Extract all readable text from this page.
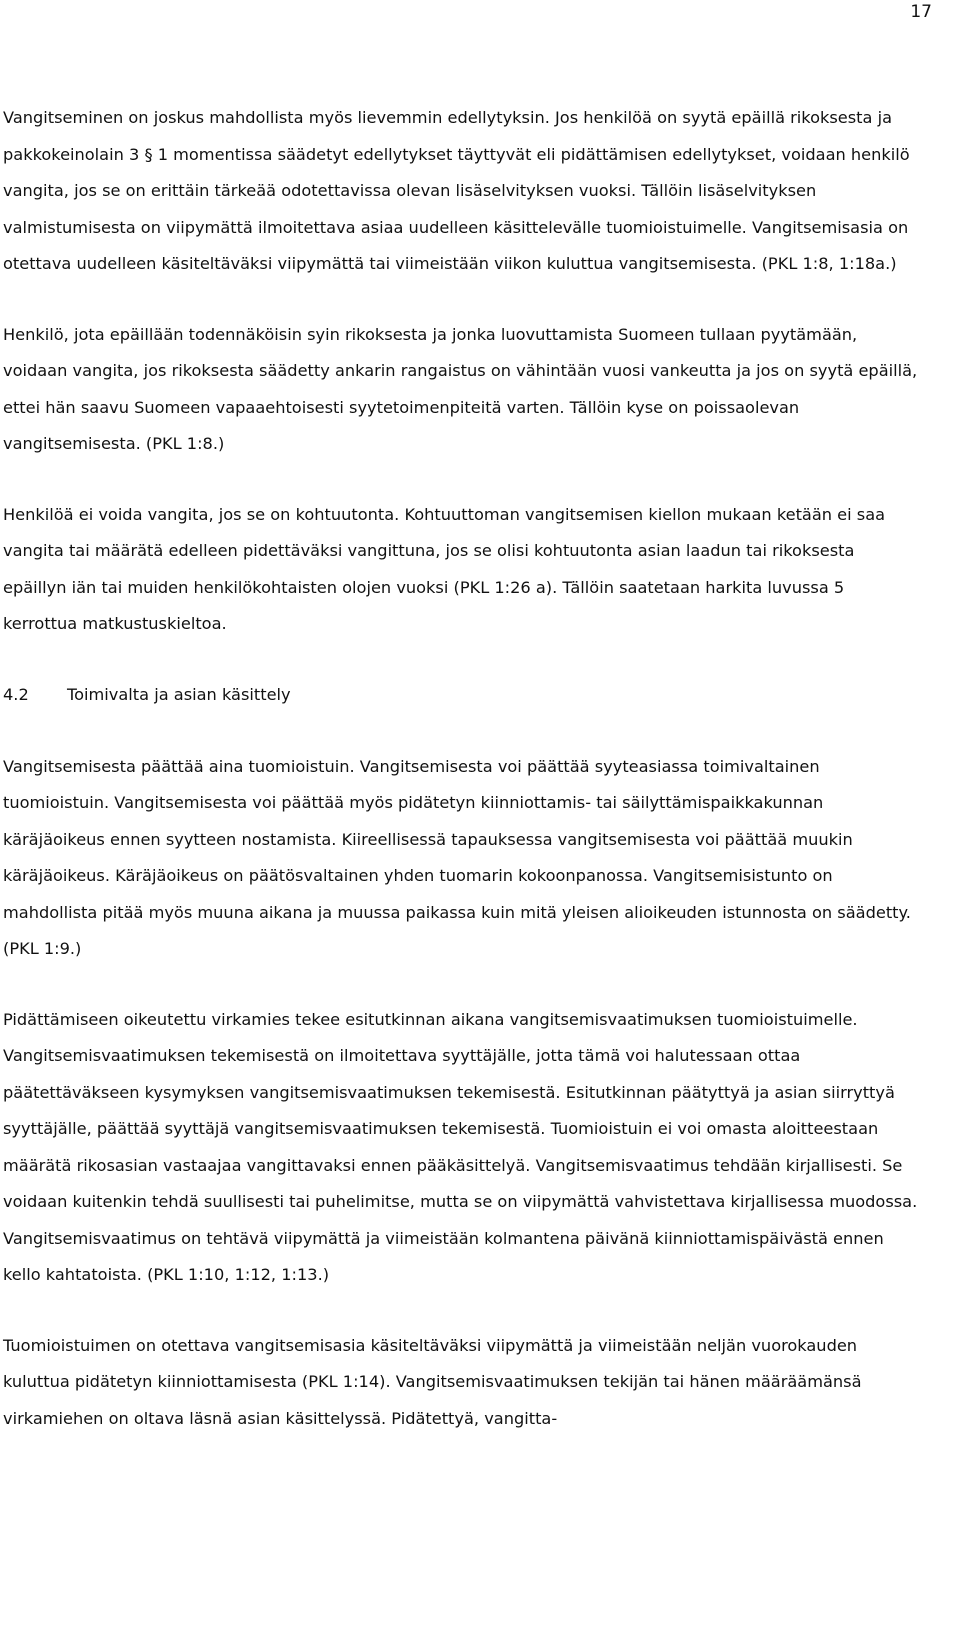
17

Vangitseminen on joskus mahdollista myös lievemmin edellytyksin. Jos henkilöä on syytä epäillä rikoksesta ja pakkokeinolain 3 § 1 momentissa säädetyt edellytykset täyttyvät eli pidättämisen edellytykset, voidaan henkilö vangita, jos se on erittäin tärkeää odotettavissa olevan lisäselvityksen vuoksi. Tällöin lisäselvityksen valmistumisesta on viipymättä ilmoitettava asiaa uudelleen käsittelevälle tuomioistuimelle. Vangitsemisasia on otettava uudelleen käsiteltäväksi viipymättä tai viimeistään viikon kuluttua vangitsemisesta. (PKL 1:8, 1:18a.)

Henkilö, jota epäillään todennäköisin syin rikoksesta ja jonka luovuttamista Suomeen tullaan pyytämään, voidaan vangita, jos rikoksesta säädetty ankarin rangaistus on vähintään vuosi vankeutta ja jos on syytä epäillä, ettei hän saavu Suomeen vapaaehtoisesti syytetoimenpiteitä varten. Tällöin kyse on poissaolevan vangitsemisesta. (PKL 1:8.)

Henkilöä ei voida vangita, jos se on kohtuutonta. Kohtuuttoman vangitsemisen kiellon mukaan ketään ei saa vangita tai määrätä edelleen pidettäväksi vangittuna, jos se olisi kohtuutonta asian laadun tai rikoksesta epäillyn iän tai muiden henkilökohtaisten olojen vuoksi (PKL 1:26 a). Tällöin saatetaan harkita luvussa 5 kerrottua matkustuskieltoa.

4.2 Toimivalta ja asian käsittely

Vangitsemisesta päättää aina tuomioistuin. Vangitsemisesta voi päättää syyteasiassa toimivaltainen tuomioistuin. Vangitsemisesta voi päättää myös pidätetyn kiinniottamis- tai säilyttämispaikkakunnan käräjäoikeus ennen syytteen nostamista. Kiireellisessä tapauksessa vangitsemisesta voi päättää muukin käräjäoikeus. Käräjäoikeus on päätösvaltainen yhden tuomarin kokoonpanossa. Vangitsemisistunto on mahdollista pitää myös muuna aikana ja muussa paikassa kuin mitä yleisen alioikeuden istunnosta on säädetty. (PKL 1:9.)

Pidättämiseen oikeutettu virkamies tekee esitutkinnan aikana vangitsemisvaatimuksen tuomioistuimelle. Vangitsemisvaatimuksen tekemisestä on ilmoitettava syyttäjälle, jotta tämä voi halutessaan ottaa päätettäväkseen kysymyksen vangitsemisvaatimuksen tekemisestä. Esitutkinnan päätyttyä ja asian siirryttyä syyttäjälle, päättää syyttäjä vangitsemisvaatimuksen tekemisestä. Tuomioistuin ei voi omasta aloitteestaan määrätä rikosasian vastaajaa vangittavaksi ennen pääkäsittelyä. Vangitsemisvaatimus tehdään kirjallisesti. Se voidaan kuitenkin tehdä suullisesti tai puhelimitse, mutta se on viipymättä vahvistettava kirjallisessa muodossa. Vangitsemisvaatimus on tehtävä viipymättä ja viimeistään kolmantena päivänä kiinniottamispäivästä ennen kello kahtatoista. (PKL 1:10, 1:12, 1:13.)

Tuomioistuimen on otettava vangitsemisasia käsiteltäväksi viipymättä ja viimeistään neljän vuorokauden kuluttua pidätetyn kiinniottamisesta (PKL 1:14). Vangitsemisvaatimuksen tekijän tai hänen määräämänsä virkamiehen on oltava läsnä asian käsittelyssä. Pidätettyä, vangitta-
